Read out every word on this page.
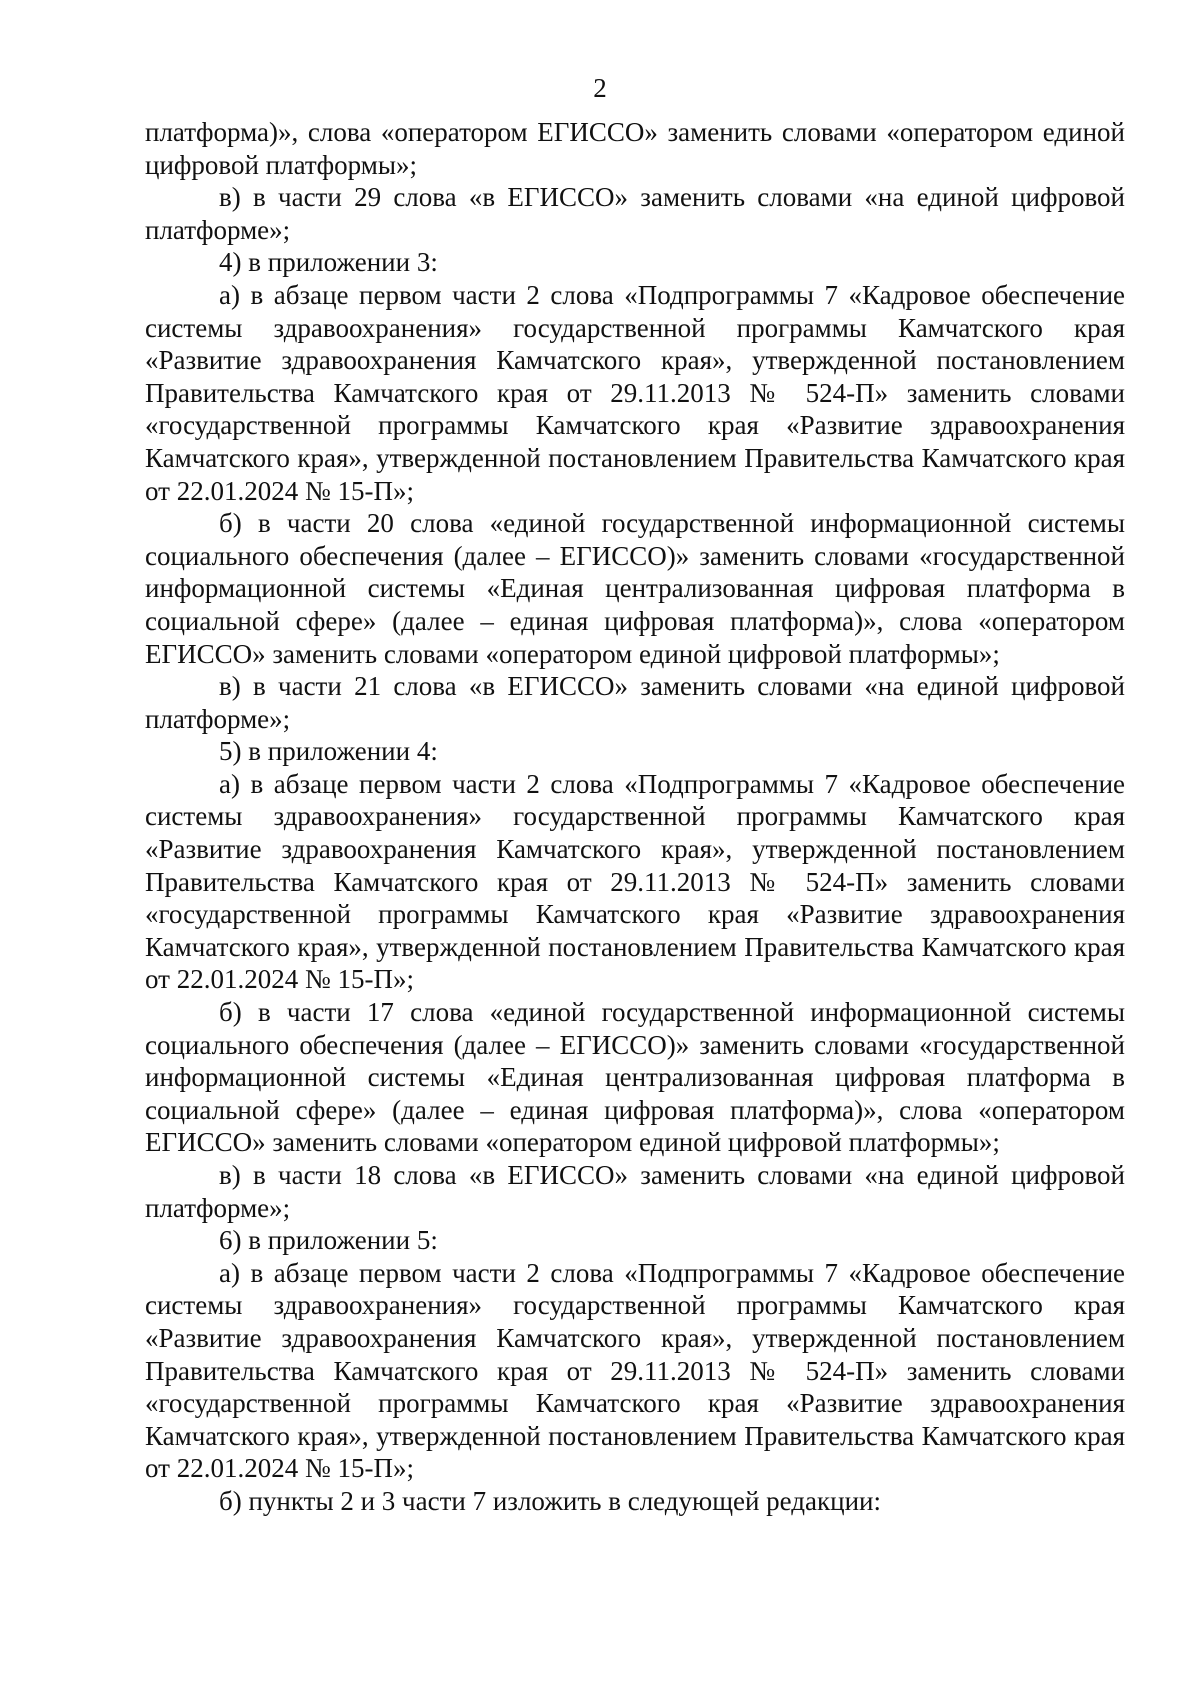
2

платформа)», слова «оператором ЕГИССО» заменить словами «оператором единой цифровой платформы»;

в) в части 29 слова «в ЕГИССО» заменить словами «на единой цифровой платформе»;

4) в приложении 3:

а) в абзаце первом части 2 слова «Подпрограммы 7 «Кадровое обеспечение системы здравоохранения» государственной программы Камчатского края «Развитие здравоохранения Камчатского края», утвержденной постановлением Правительства Камчатского края от 29.11.2013 № 524-П» заменить словами «государственной программы Камчатского края «Развитие здравоохранения Камчатского края», утвержденной постановлением Правительства Камчатского края от 22.01.2024 № 15-П»;

б) в части 20 слова «единой государственной информационной системы социального обеспечения (далее – ЕГИССО)» заменить словами «государственной информационной системы «Единая централизованная цифровая платформа в социальной сфере» (далее – единая цифровая платформа)», слова «оператором ЕГИССО» заменить словами «оператором единой цифровой платформы»;

в) в части 21 слова «в ЕГИССО» заменить словами «на единой цифровой платформе»;

5) в приложении 4:

а) в абзаце первом части 2 слова «Подпрограммы 7 «Кадровое обеспечение системы здравоохранения» государственной программы Камчатского края «Развитие здравоохранения Камчатского края», утвержденной постановлением Правительства Камчатского края от 29.11.2013 № 524-П» заменить словами «государственной программы Камчатского края «Развитие здравоохранения Камчатского края», утвержденной постановлением Правительства Камчатского края от 22.01.2024 № 15-П»;

б) в части 17 слова «единой государственной информационной системы социального обеспечения (далее – ЕГИССО)» заменить словами «государственной информационной системы «Единая централизованная цифровая платформа в социальной сфере» (далее – единая цифровая платформа)», слова «оператором ЕГИССО» заменить словами «оператором единой цифровой платформы»;

в) в части 18 слова «в ЕГИССО» заменить словами «на единой цифровой платформе»;

6) в приложении 5:

а) в абзаце первом части 2 слова «Подпрограммы 7 «Кадровое обеспечение системы здравоохранения» государственной программы Камчатского края «Развитие здравоохранения Камчатского края», утвержденной постановлением Правительства Камчатского края от 29.11.2013 № 524-П» заменить словами «государственной программы Камчатского края «Развитие здравоохранения Камчатского края», утвержденной постановлением Правительства Камчатского края от 22.01.2024 № 15-П»;

б) пункты 2 и 3 части 7 изложить в следующей редакции:
